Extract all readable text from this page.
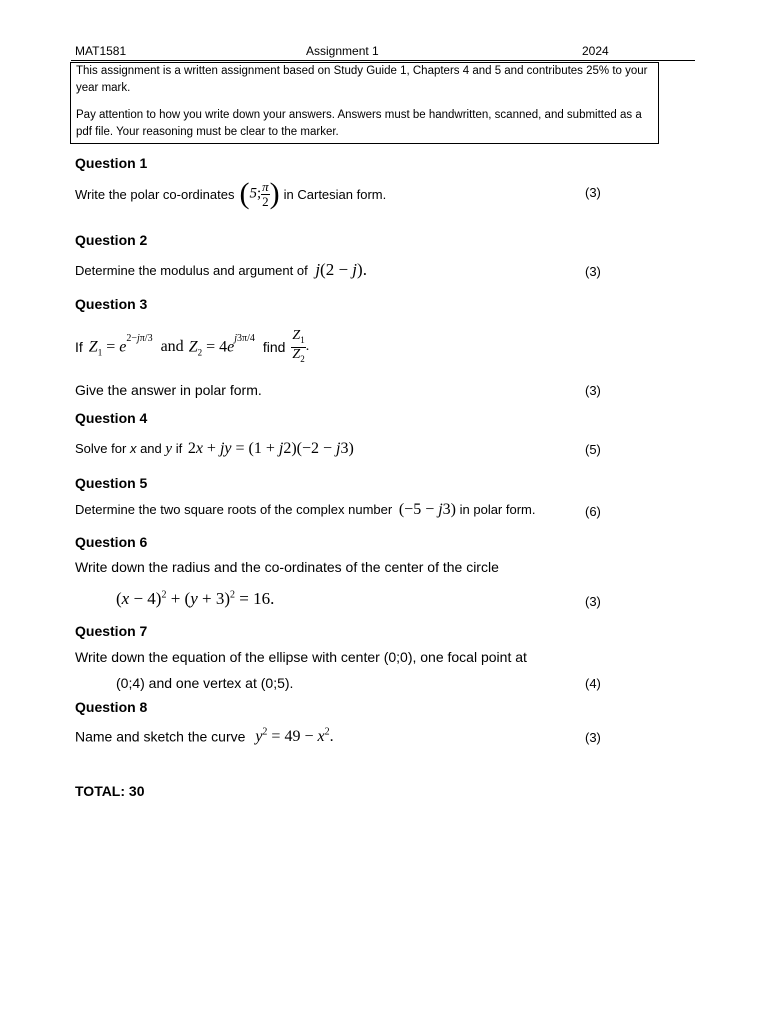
MAT1581	Assignment 1	2024

This assignment is a written assignment based on Study Guide 1, Chapters 4 and 5 and contributes 25% to your year mark.

Pay attention to how you write down your answers. Answers must be handwritten, scanned, and submitted as a pdf file. Your reasoning must be clear to the marker.

Question 1
Write the polar co-ordinates (5; $\frac{\pi}{2}$ ) in Cartesian form.	(3)
Question 2
Determine the modulus and argument of j(2 − j).	(3)
Question 3
If $Z_1 = e^{2-j\pi/3}$ and $Z_2 = 4e^{j3\pi/4}$
find $\frac{Z_1}{Z_2}$ .
Give the answer in polar form.	(3)
Question 4
Solve for x and y if 2x + jy = (1 + j2)(−2 − j3)	(5)
Question 5
Determine the two square roots of the complex number (−5 − j3) in polar form.	(6)
Question 6
Write down the radius and the co-ordinates of the center of the circle
$(x - 4)^2 + (y + 3)^2 = 16$.	(3)
Question 7
Write down the equation of the ellipse with center (0;0), one focal point at
(0;4) and one vertex at (0;5).	(4)
Question 8
Name and sketch the curve $y^2 = 49 - x^2$.	(3)
TOTAL: 30
